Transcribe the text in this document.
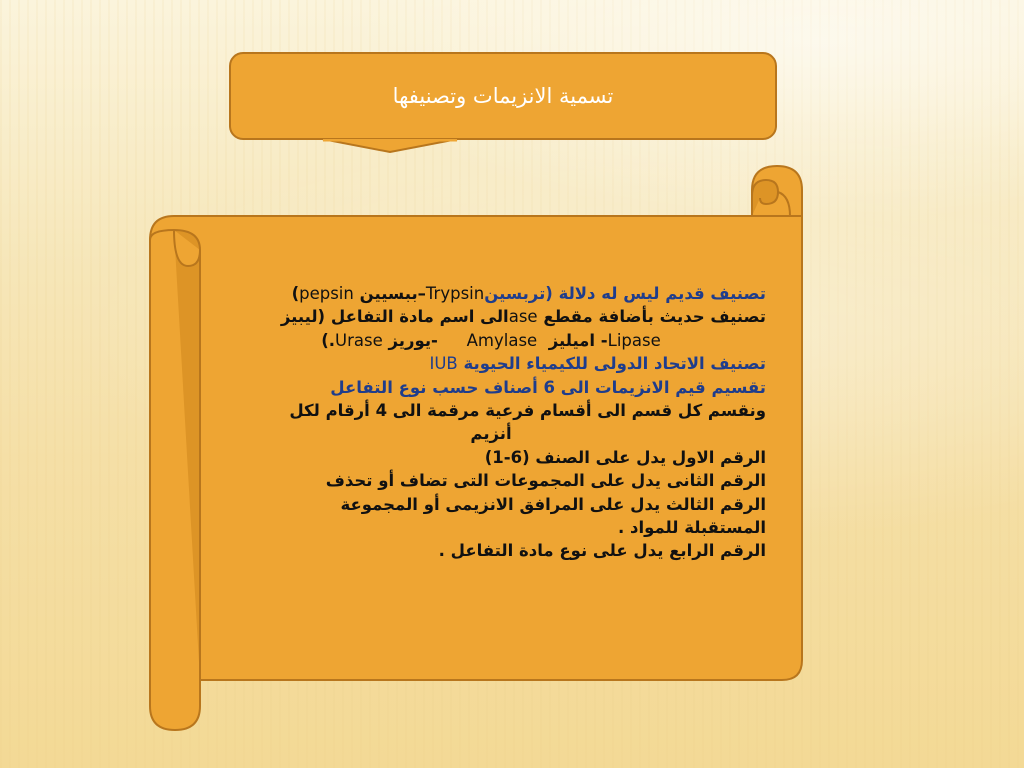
تسمية الانزيمات وتصنيفها
تصنيف قديم ليس له دلالة (تربسينTrypsin–ببسيين pepsin)
تصنيف حديث بأضافة مقطع aseالى اسم مادة التفاعل (ليبيز
Lipase- اميليز  Amylase     -يوريز Urase.)
تصنيف الاتحاد الدولى للكيمياء الحيوية IUB
تقسيم قيم الانزيمات الى 6 أصناف حسب نوع التفاعل
ونقسم كل قسم الى أقسام فرعية مرقمة الى 4 أرقام لكل
أنزيم
الرقم الاول يدل على الصنف (6-1)
الرقم الثانى يدل على المجموعات التى تضاف أو تحذف
الرقم الثالث يدل على المرافق الانزيمى أو المجموعة
المستقبلة للمواد .
الرقم الرابع يدل على نوع مادة التفاعل .
